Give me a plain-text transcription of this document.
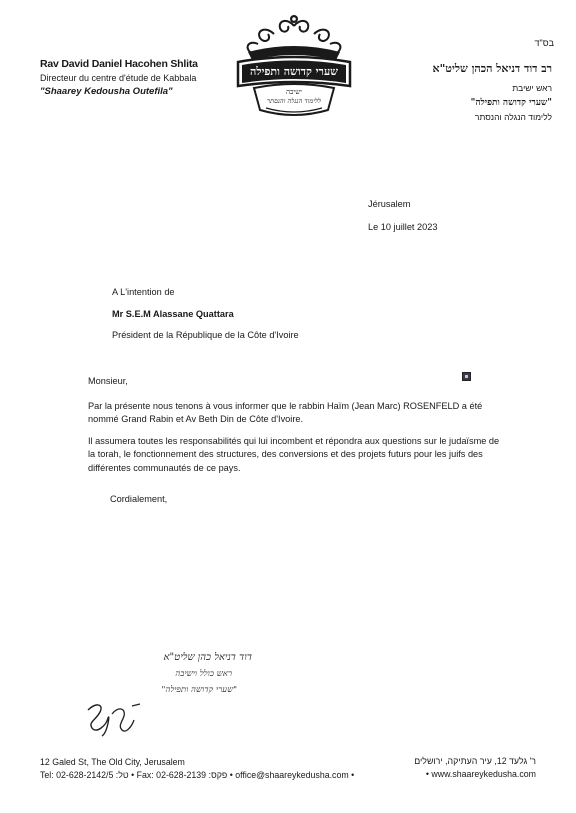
בס"ד
Rav David Daniel Hacohen Shlita
Directeur du centre d'étude de Kabbala
"Shaarey Kedousha Outefila"
שערי קדושה ותפילה
ישיבה
ללימוד הנגלה והנסתר
רב דוד דניאל הכהן שליט"א
ראש ישיבת
"שערי קדושה ותפילה"
ללימוד הנגלה והנסתר
Jérusalem
Le 10 juillet 2023
A L'intention de
Mr S.E.M Alassane Quattara
Président de la République de la Côte d'Ivoire

Monsieur,

Par la présente nous tenons à vous informer que le rabbin Haïm (Jean Marc) ROSENFELD a été nommé Grand Rabin et Av Beth Din de Côte d'Ivoire.

Il assumera toutes les responsabilités qui lui incombent et répondra aux questions sur le judaïsme de la torah, le fonctionnement des structures, des conversions et des projets futurs pour les juifs des différentes communautés de ce pays.

Cordialement,

דוד דניאל כהן שליט"א
ראש כולל וישיבה
"שערי קדושה ותפילה"
12 Galed St, The Old City, Jerusalem
Tel: 02-628-2142/5 :טל • Fax: 02-628-2139 :פקס • office@shaareykedusha.com •
ר' גלעד 12, עיר העתיקה, ירושלים
• www.shaareykedusha.com
